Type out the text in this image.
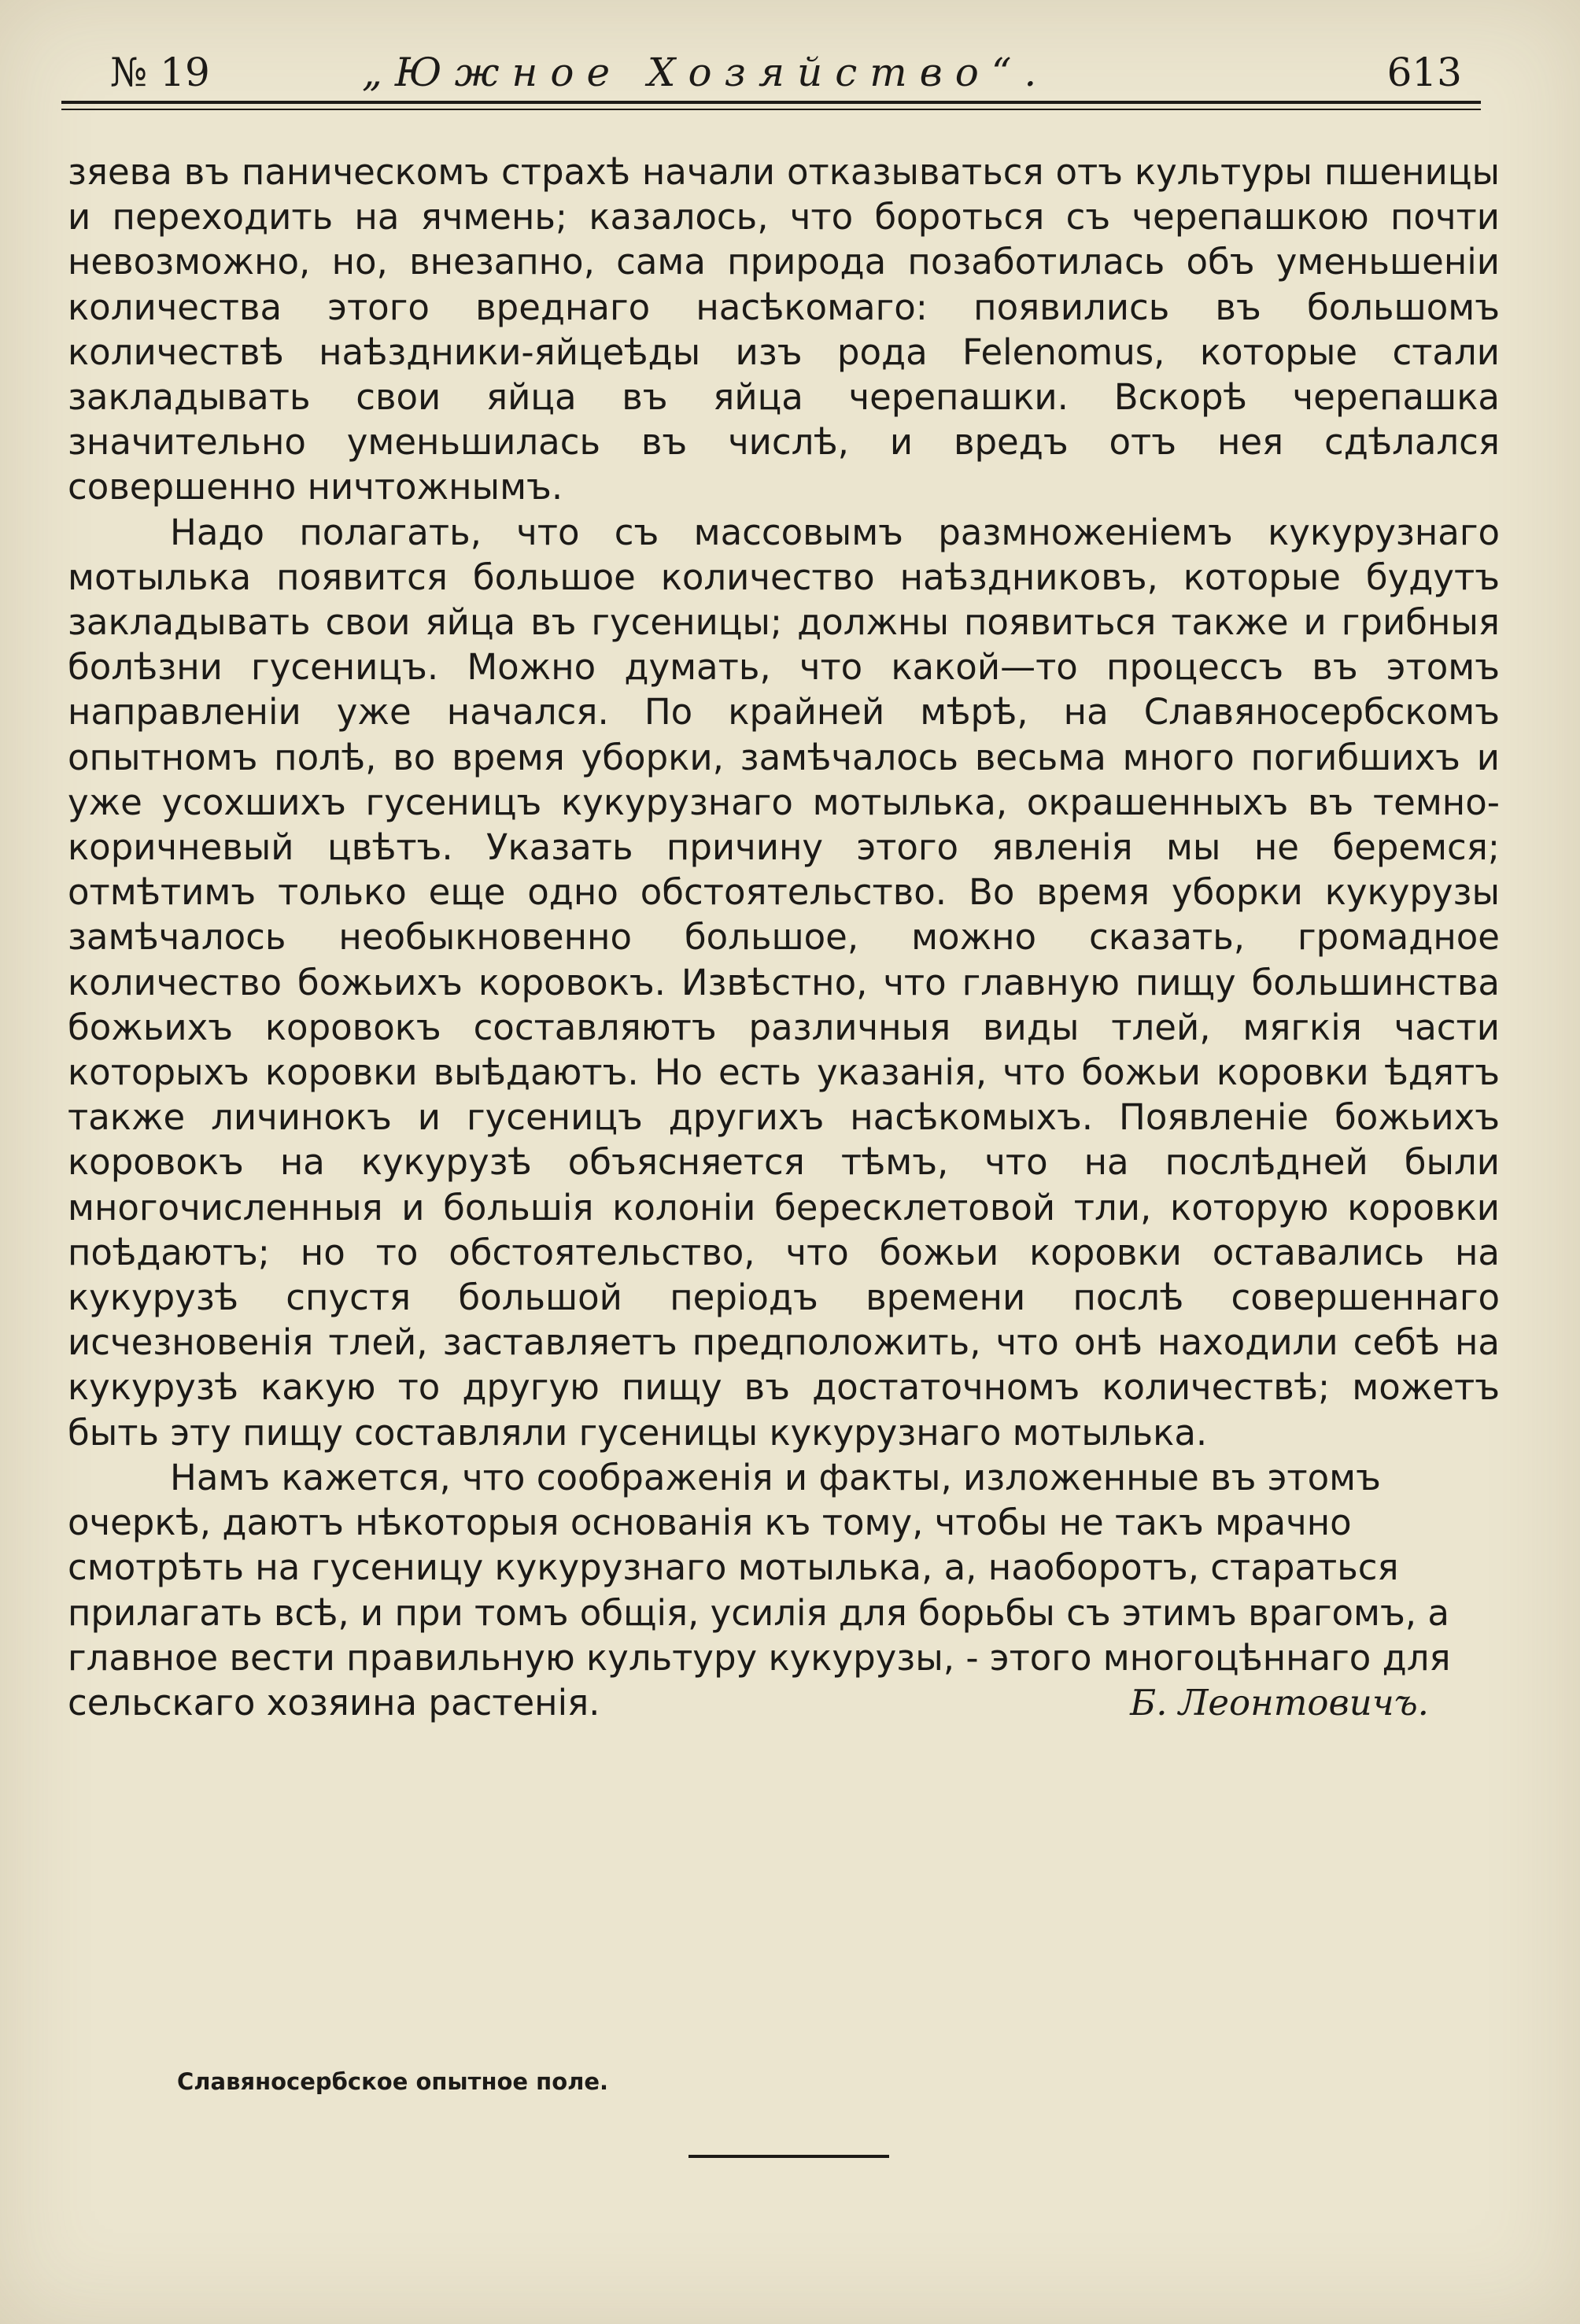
№ 19	„Южное Хозяйство“.	613

зяева въ паническомъ страхѣ начали отказываться отъ культуры пшеницы и переходить на ячмень; казалось, что бороться съ черепашкою почти невозможно, но, внезапно, сама природа позаботилась объ уменьшенiи количества этого вреднаго насѣкомаго: появились въ большомъ количествѣ наѣздники-яйцеѣды изъ рода Felenomus, которые стали закладывать свои яйца въ яйца черепашки. Вскорѣ черепашка значительно уменьшилась въ числѣ, и вредъ отъ нея сдѣлался совершенно ничтожнымъ.

Надо полагать, что съ массовымъ размноженiемъ кукурузнаго мотылька появится большое количество наѣздниковъ, которые будутъ закладывать свои яйца въ гусеницы; должны появиться также и грибныя болѣзни гусеницъ. Можно думать, что какой—то процессъ въ этомъ направленiи уже начался. По крайней мѣрѣ, на Славяносербскомъ опытномъ полѣ, во время уборки, замѣчалось весьма много погибшихъ и уже усохшихъ гусеницъ кукурузнаго мотылька, окрашенныхъ въ темно-коричневый цвѣтъ. Указать причину этого явленiя мы не беремся; отмѣтимъ только еще одно обстоятельство. Во время уборки кукурузы замѣчалось необыкновенно большое, можно сказать, громадное количество божьихъ коровокъ. Извѣстно, что главную пищу большинства божьихъ коровокъ составляютъ различныя виды тлей, мягкiя части которыхъ коровки выѣдаютъ. Но есть указанiя, что божьи коровки ѣдятъ также личинокъ и гусеницъ другихъ насѣкомыхъ. Появленiе божьихъ коровокъ на кукурузѣ объясняется тѣмъ, что на послѣдней были многочисленныя и большiя колонiи бересклетовой тли, которую коровки поѣдаютъ; но то обстоятельство, что божьи коровки оставались на кукурузѣ спустя большой перiодъ времени послѣ совершеннаго исчезновенiя тлей, заставляетъ предположить, что онѣ находили себѣ на кукурузѣ какую то другую пищу въ достаточномъ количествѣ; можетъ быть эту пищу составляли гусеницы кукурузнаго мотылька.

Намъ кажется, что соображенiя и факты, изложенные въ этомъ очеркѣ, даютъ нѣкоторыя основанiя къ тому, чтобы не такъ мрачно смотрѣть на гусеницу кукурузнаго мотылька, а, наоборотъ, стараться прилагать всѣ, и при томъ общiя, усилiя для борьбы съ этимъ врагомъ, а главное вести правильную культуру кукурузы, - этого многоцѣннаго для сельскаго хозяина растенiя.	Б. Леонтовичъ.

Славяносербское опытное поле.
